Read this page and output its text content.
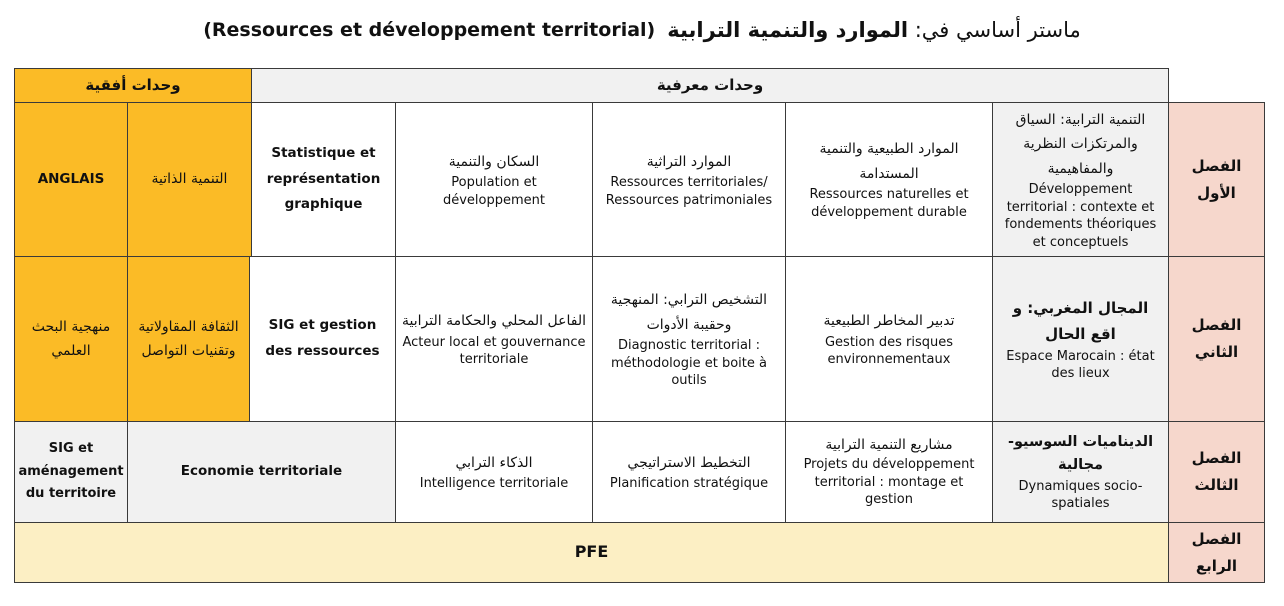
(Ressources et développement territorial)	ماستر أساسي في: الموارد والتنمية الترابية
وحدات أفقية	وحدات معرفية
الفصل الأول
التنمية الترابية: السياق والمرتكزات النظرية والمفاهيمية
Développement territorial : contexte et fondements théoriques et conceptuels
الموارد الطبيعية والتنمية المستدامة
Ressources naturelles et développement durable
الموارد التراثية
Ressources territoriales/ Ressources patrimoniales
السكان والتنمية
Population et développement
Statistique et représentation graphique
التنمية الذاتية
ANGLAIS
الفصل الثاني
المجال المغربي: و اقع الحال
Espace Marocain : état des lieux
تدبير المخاطر الطبيعية
Gestion des risques environnementaux
التشخيص الترابي: المنهجية وحقيبة الأدوات
Diagnostic territorial : méthodologie et boite à outils
الفاعل المحلي والحكامة الترابية
Acteur local et gouvernance territoriale
SIG et gestion des ressources
الثقافة المقاولاتية وتقنيات التواصل
منهجية البحث العلمي
الفصل الثالث
الديناميات السوسيو-مجالية
Dynamiques socio-spatiales
مشاريع التنمية الترابية
Projets du développement territorial : montage et gestion
التخطيط الاستراتيجي
Planification stratégique
الذكاء الترابي
Intelligence territoriale
Economie territoriale
SIG et aménagement du territoire
الفصل الرابع
PFE
